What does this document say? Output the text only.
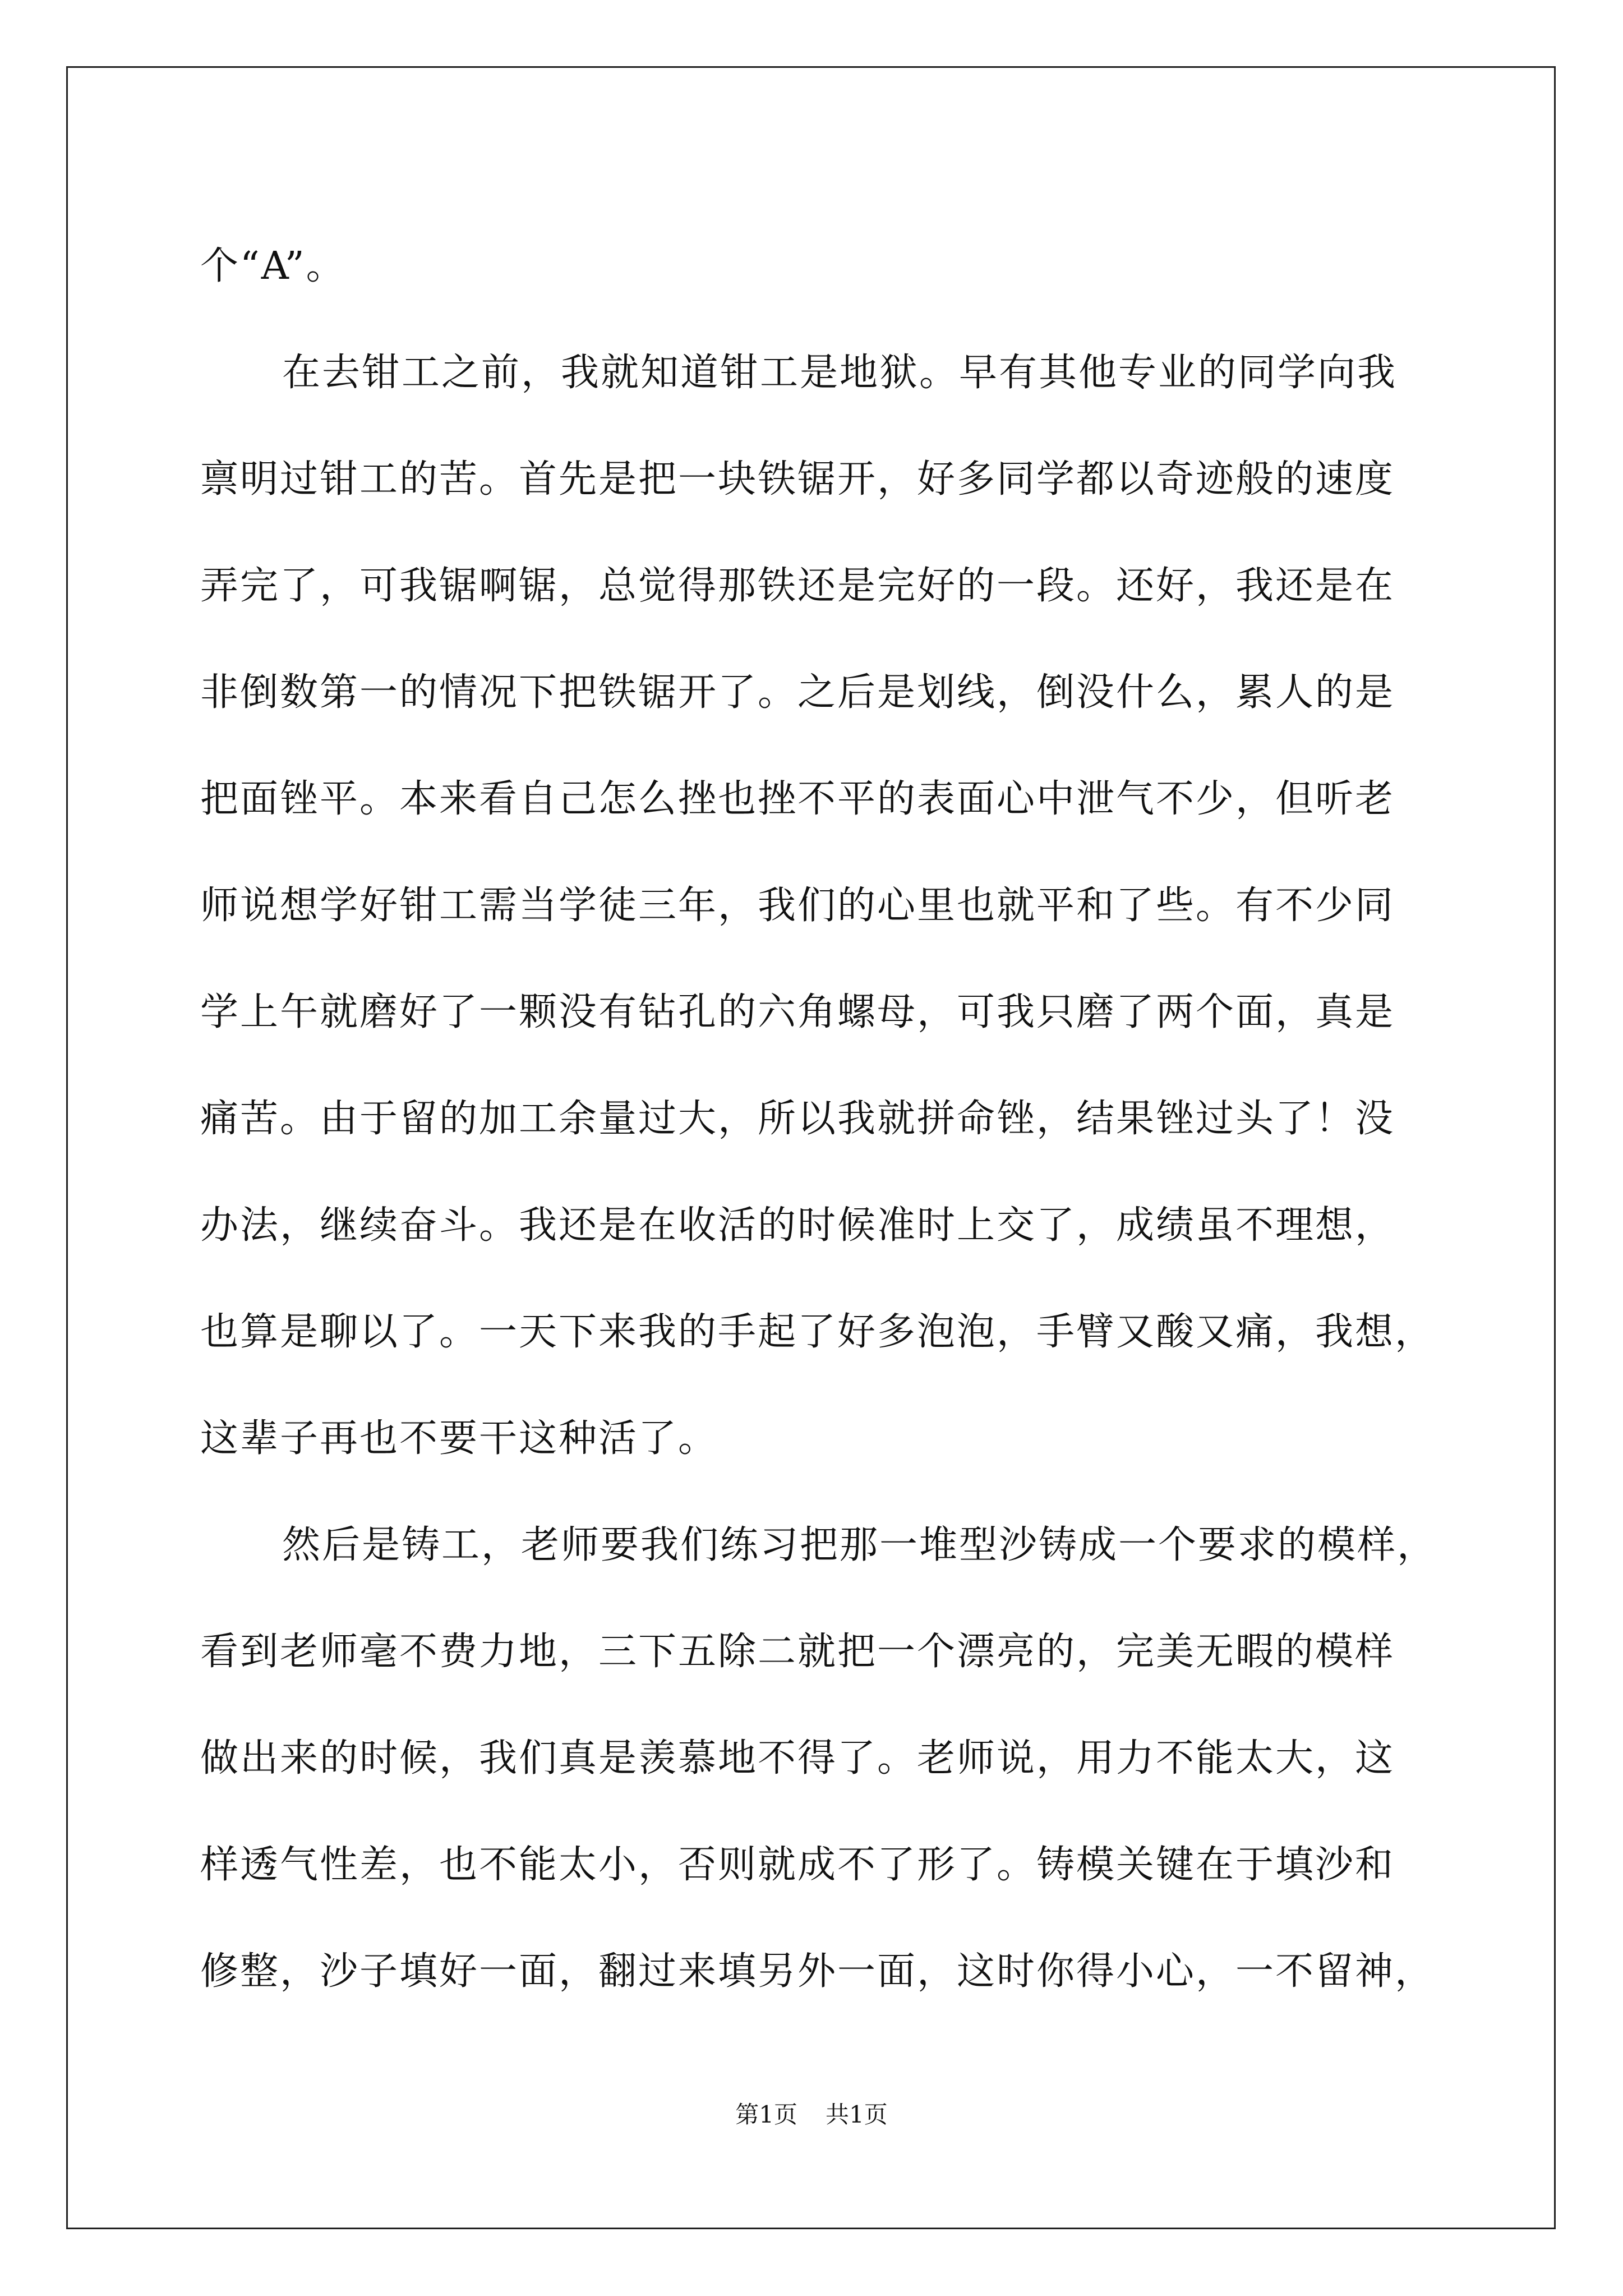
个“A”。
在去钳工之前，我就知道钳工是地狱。早有其他专业的同学向我
禀明过钳工的苦。首先是把一块铁锯开，好多同学都以奇迹般的速度
弄完了，可我锯啊锯，总觉得那铁还是完好的一段。还好，我还是在
非倒数第一的情况下把铁锯开了。之后是划线，倒没什么，累人的是
把面锉平。本来看自己怎么挫也挫不平的表面心中泄气不少，但听老
师说想学好钳工需当学徒三年，我们的心里也就平和了些。有不少同
学上午就磨好了一颗没有钻孔的六角螺母，可我只磨了两个面，真是
痛苦。由于留的加工余量过大，所以我就拼命锉，结果锉过头了！没
办法，继续奋斗。我还是在收活的时候准时上交了，成绩虽不理想，
也算是聊以了。一天下来我的手起了好多泡泡，手臂又酸又痛，我想，
这辈子再也不要干这种活了。
然后是铸工，老师要我们练习把那一堆型沙铸成一个要求的模样，
看到老师毫不费力地，三下五除二就把一个漂亮的，完美无暇的模样
做出来的时候，我们真是羡慕地不得了。老师说，用力不能太大，这
样透气性差，也不能太小，否则就成不了形了。铸模关键在于填沙和
修整，沙子填好一面，翻过来填另外一面，这时你得小心，一不留神，
第1页 共1页
